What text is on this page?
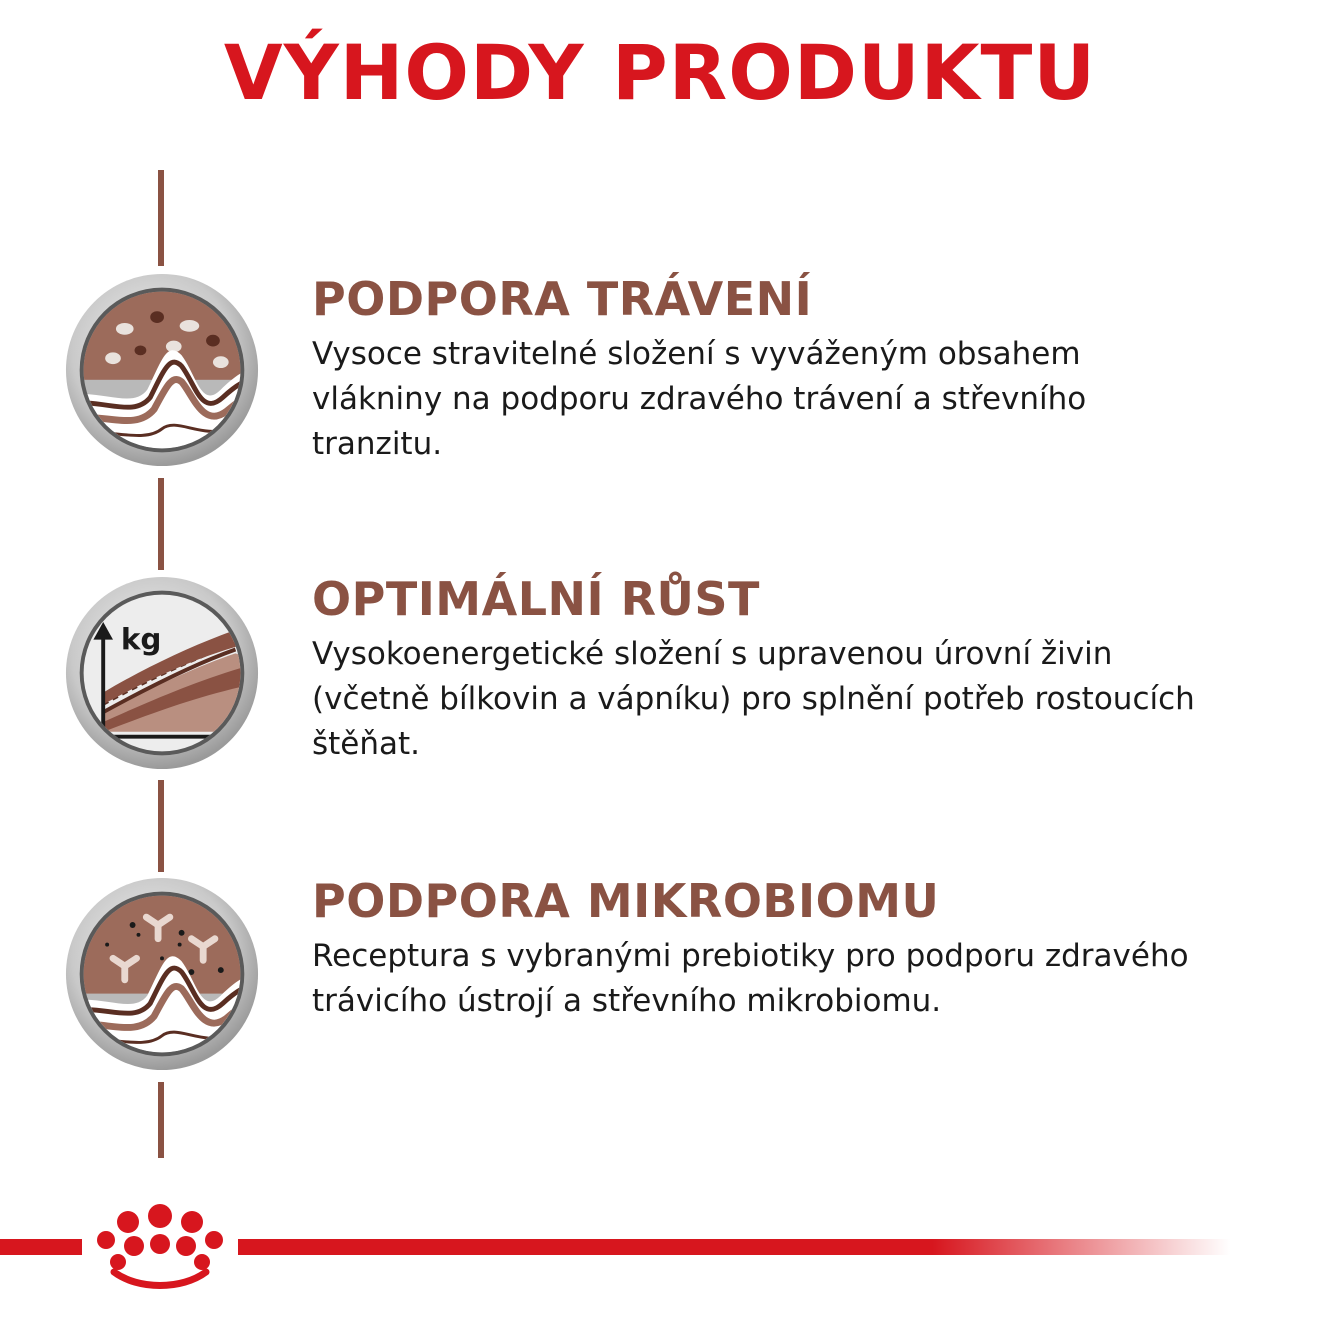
VÝHODY PRODUKTU
PODPORA TRÁVENÍ

Vysoce stravitelné složení s vyváženým obsahem vlákniny na podporu zdravého trávení a střevního tranzitu.

kg
OPTIMÁLNÍ RŮST

Vysokoenergetické složení s upravenou úrovní živin (včetně bílkovin a vápníku) pro splnění potřeb rostoucích štěňat.

PODPORA MIKROBIOMU

Receptura s vybranými prebiotiky pro podporu zdravého trávicího ústrojí a střevního mikrobiomu.
